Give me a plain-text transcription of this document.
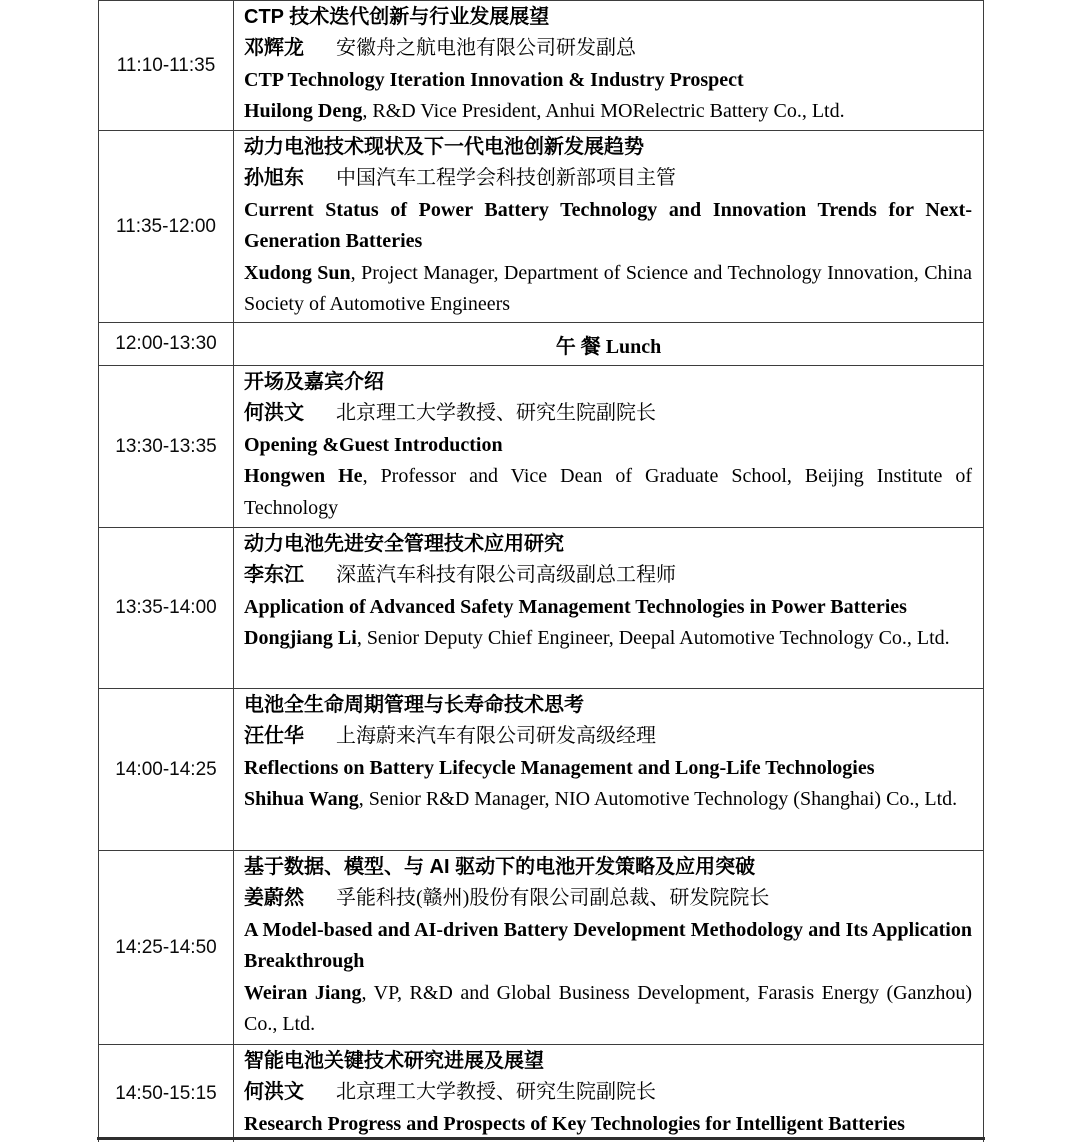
11:10-11:35	CTP 技术迭代创新与行业发展展望

邓辉龙 安徽舟之航电池有限公司研发副总

CTP Technology Iteration Innovation & Industry Prospect

Huilong Deng, R&D Vice President, Anhui MORelectric Battery Co., Ltd.

11:35-12:00	动力电池技术现状及下一代电池创新发展趋势

孙旭东 中国汽车工程学会科技创新部项目主管

Current Status of Power Battery Technology and Innovation Trends for Next-Generation Batteries

Xudong Sun, Project Manager, Department of Science and Technology Innovation, China Society of Automotive Engineers

12:00-13:30	午 餐 Lunch
13:30-13:35	开场及嘉宾介绍

何洪文 北京理工大学教授、研究生院副院长

Opening &Guest Introduction

Hongwen He, Professor and Vice Dean of Graduate School, Beijing Institute of Technology

13:35-14:00	动力电池先进安全管理技术应用研究

李东江 深蓝汽车科技有限公司高级副总工程师

Application of Advanced Safety Management Technologies in Power Batteries

Dongjiang Li, Senior Deputy Chief Engineer, Deepal Automotive Technology Co., Ltd.

14:00-14:25	电池全生命周期管理与长寿命技术思考

汪仕华 上海蔚来汽车有限公司研发高级经理

Reflections on Battery Lifecycle Management and Long-Life Technologies

Shihua Wang, Senior R&D Manager, NIO Automotive Technology (Shanghai) Co., Ltd.

14:25-14:50	基于数据、模型、与 AI 驱动下的电池开发策略及应用突破

姜蔚然 孚能科技(赣州)股份有限公司副总裁、研发院院长

A Model-based and AI-driven Battery Development Methodology and Its Application Breakthrough

Weiran Jiang, VP, R&D and Global Business Development, Farasis Energy (Ganzhou) Co., Ltd.

14:50-15:15	智能电池关键技术研究进展及展望

何洪文 北京理工大学教授、研究生院副院长

Research Progress and Prospects of Key Technologies for Intelligent Batteries
